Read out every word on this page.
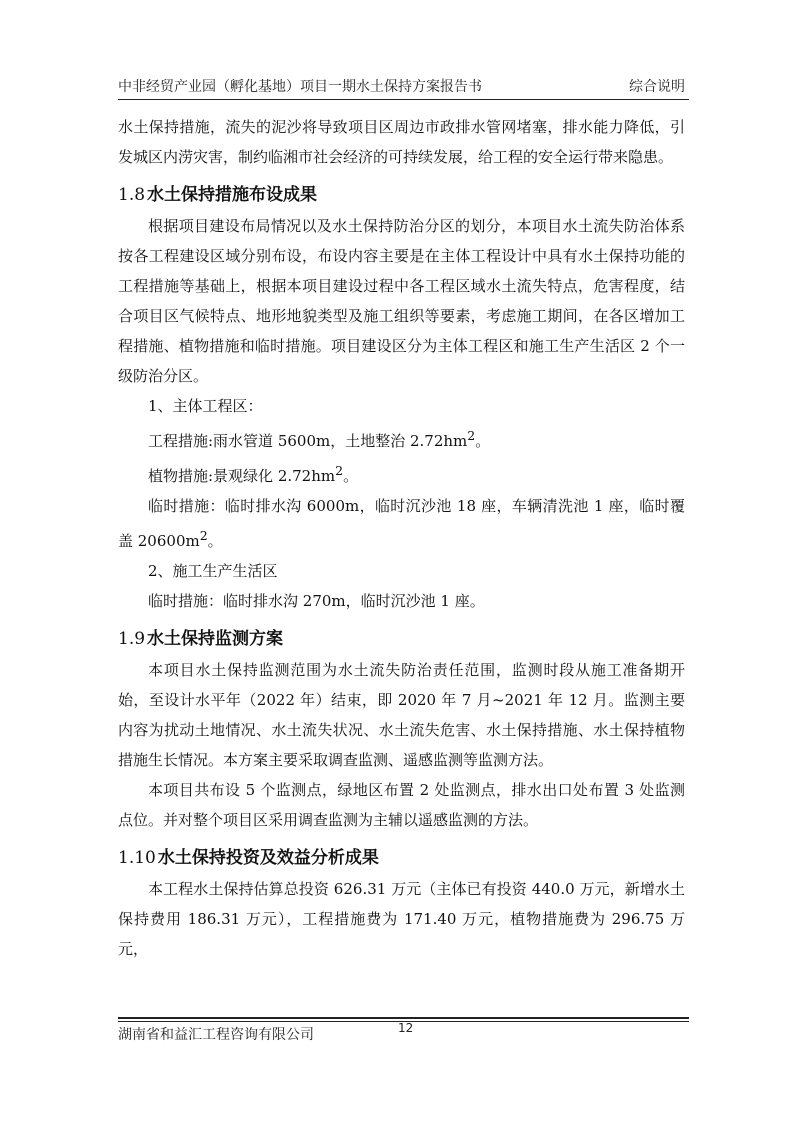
中非经贸产业园（孵化基地）项目一期水土保持方案报告书	综合说明

水土保持措施，流失的泥沙将导致项目区周边市政排水管网堵塞，排水能力降低，引发城区内涝灾害，制约临湘市社会经济的可持续发展，给工程的安全运行带来隐患。

1.8 水土保持措施布设成果

根据项目建设布局情况以及水土保持防治分区的划分，本项目水土流失防治体系按各工程建设区域分别布设，布设内容主要是在主体工程设计中具有水土保持功能的工程措施等基础上，根据本项目建设过程中各工程区域水土流失特点，危害程度，结合项目区气候特点、地形地貌类型及施工组织等要素，考虑施工期间，在各区增加工程措施、植物措施和临时措施。项目建设区分为主体工程区和施工生产生活区 2 个一级防治分区。

1、主体工程区：

工程措施:雨水管道 5600m，土地整治 $2.72hm^2$。

植物措施:景观绿化 $2.72hm^2$。

临时措施：临时排水沟 6000m，临时沉沙池 18 座，车辆清洗池 1 座，临时覆盖 $20600m^2$。

2、施工生产生活区

临时措施：临时排水沟 270m，临时沉沙池 1 座。

1.9 水土保持监测方案

本项目水土保持监测范围为水土流失防治责任范围，监测时段从施工准备期开始，至设计水平年（2022 年）结束，即 2020 年 7 月~2021 年 12 月。监测主要内容为扰动土地情况、水土流失状况、水土流失危害、水土保持措施、水土保持植物措施生长情况。本方案主要采取调查监测、遥感监测等监测方法。

本项目共布设 5 个监测点，绿地区布置 2 处监测点，排水出口处布置 3 处监测点位。并对整个项目区采用调查监测为主辅以遥感监测的方法。

1.10 水土保持投资及效益分析成果

本工程水土保持估算总投资 626.31 万元（主体已有投资 440.0 万元，新增水土保持费用 186.31 万元），工程措施费为 171.40 万元，植物措施费为 296.75 万元，

湖南省和益汇工程咨询有限公司	12
